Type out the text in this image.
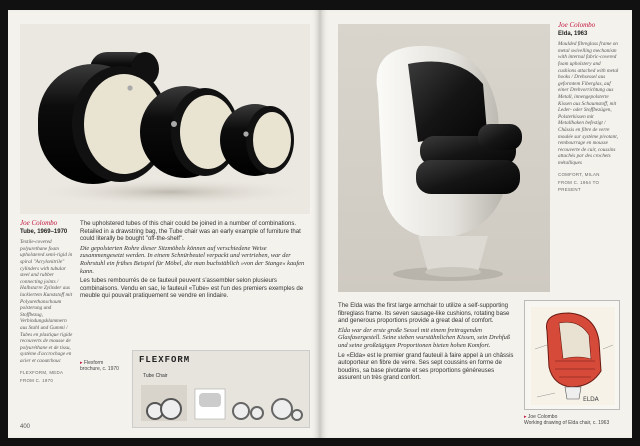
Joe Colombo
Tube, 1969–1970
Textile-covered polyurethane foam upholstered semi-rigid in spiral "Acrylonitrile" cylinders with tubular steel and rubber connecting joints / Halbstarre Zylinder aus lackiertem Kunststoff mit Polyurethanschaum polsterung und Stoffbezug, Verbindungsklammern aus Stahl und Gummi / Tubes en plastique rigide recouverts de mousse de polyuréthane et de tissu, système d'accrochage en acier et caoutchouc
FLEXFORM, MEDA
FROM C. 1970

The upholstered tubes of this chair could be joined in a number of combinations. Retailed in a drawstring bag, the Tube chair was an early example of furniture that could literally be bought "off-the-shelf".

Die gepolsterten Rohre dieser Sitzmöbels können auf verschiedene Weise zusammengesetzt werden. In einem Schnürbeutel verpackt und vertrieben, war der Rohrstuhl ein frühes Beispiel für Möbel, die man buchstäblich »von der Stange« kaufen kann.

Les tubes rembourrés de ce fauteuil peuvent s'assembler selon plusieurs combinaisons. Vendu en sac, le fauteuil «Tube» est l'un des premiers exemples de meuble qui pouvait pratiquement se vendre en lindaire.

▸ Flexform
brochure, c. 1970
FLEXFORM
Tube Chair
400
Joe Colombo
Elda, 1963
Moulded fibreglass frame on metal swivelling mechanism with internal fabric-covered foam upholstery and cushions attached with metal hooks / Drehsessel aus geformtem Fiberglas, auf einer Drehvorrichtung aus Metall, innengepolsterte Kissen aus Schaumstoff, mit Leder- oder Stoffbezügen, Polsterkissen mit Metallhaken befestigt / Châssis en fibre de verre moulée sur système pivotant, rembourrage en mousse recouverte de cuir, coussins attachés par des crochets métalliques
COMFORT, MILAN
FROM C. 1964 TO PRESENT

The Elda was the first large armchair to utilize a self-supporting fibreglass frame. Its seven sausage-like cushions, rotating base and generous proportions provide a great deal of comfort.

Elda war der erste große Sessel mit einem freitragenden Glasfasergestell. Seine sieben wurstähnlichen Kissen, sein Drehfuß und seine großzügigen Proportionen bieten hohen Komfort.

Le «Elda» est le premier grand fauteuil à faire appel à un châssis autoporteur en fibre de verre. Ses sept coussins en forme de boudins, sa base pivotante et ses proportions généreuses assurent un très grand confort.

ELDA
▸ Joe Colombo
Working drawing of Elda chair, c. 1963
